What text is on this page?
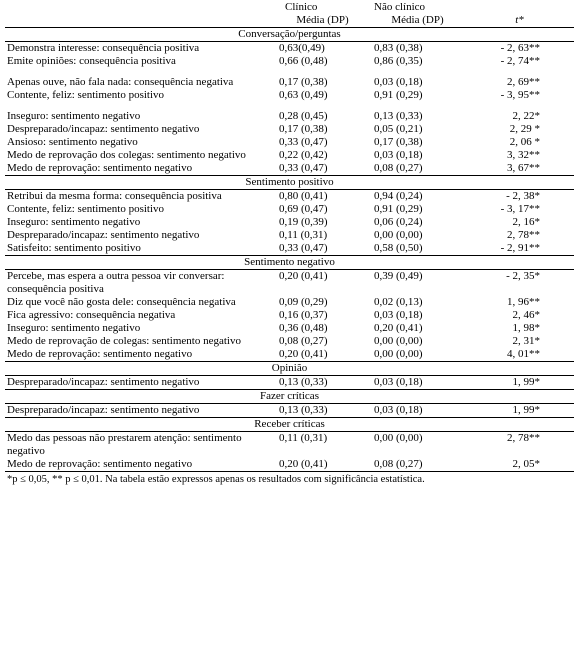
	Clínico	Não clínico	
	Média (DP)	Média (DP)	t*
Conversação/perguntas			
Demonstra interesse: consequência positiva	0,63(0,49)	0,83 (0,38)	- 2, 63**
Emite opiniões: consequência positiva	0,66 (0,48)	0,86 (0,35)	- 2, 74**

Apenas ouve, não fala nada: consequência negativa	0,17 (0,38)	0,03 (0,18)	2, 69**
Contente, feliz: sentimento positivo	0,63 (0,49)	0,91 (0,29)	- 3, 95**

Inseguro: sentimento negativo	0,28 (0,45)	0,13 (0,33)	2, 22*
Despreparado/incapaz: sentimento negativo	0,17 (0,38)	0,05 (0,21)	2, 29 *
Ansioso: sentimento negativo	0,33 (0,47)	0,17 (0,38)	2, 06 *
Medo de reprovação dos colegas: sentimento negativo	0,22 (0,42)	0,03 (0,18)	3, 32**
Medo de reprovação: sentimento negativo	0,33 (0,47)	0,08 (0,27)	3, 67**
Sentimento positivo			
Retribui da mesma forma: consequência positiva	0,80 (0,41)	0,94 (0,24)	- 2, 38*
Contente, feliz: sentimento positivo	0,69 (0,47)	0,91 (0,29)	- 3, 17**
Inseguro: sentimento negativo	0,19 (0,39)	0,06 (0,24)	2, 16*
Despreparado/incapaz: sentimento negativo	0,11 (0,31)	0,00 (0,00)	2, 78**
Satisfeito: sentimento positivo	0,33 (0,47)	0,58 (0,50)	- 2, 91**
Sentimento negativo			
Percebe, mas espera a outra pessoa vir conversar: consequência positiva	0,20 (0,41)	0,39 (0,49)	- 2, 35*
Diz que você não gosta dele: consequência negativa	0,09 (0,29)	0,02 (0,13)	1, 96**
Fica agressivo: consequência negativa	0,16 (0,37)	0,03 (0,18)	2, 46*
Inseguro: sentimento negativo	0,36 (0,48)	0,20 (0,41)	1, 98*
Medo de reprovação de colegas: sentimento negativo	0,08 (0,27)	0,00 (0,00)	2, 31*
Medo de reprovação: sentimento negativo	0,20 (0,41)	0,00 (0,00)	4, 01**
Opinião			
Despreparado/incapaz: sentimento negativo	0,13 (0,33)	0,03 (0,18)	1, 99*
Fazer críticas			
Despreparado/incapaz: sentimento negativo	0,13 (0,33)	0,03 (0,18)	1, 99*
Receber críticas			
Medo das pessoas não prestarem atenção: sentimento negativo	0,11 (0,31)	0,00 (0,00)	2, 78**
Medo de reprovação: sentimento negativo	0,20 (0,41)	0,08 (0,27)	2, 05*
*p ≤ 0,05, ** p ≤ 0,01. Na tabela estão expressos apenas os resultados com significância estatística.			
